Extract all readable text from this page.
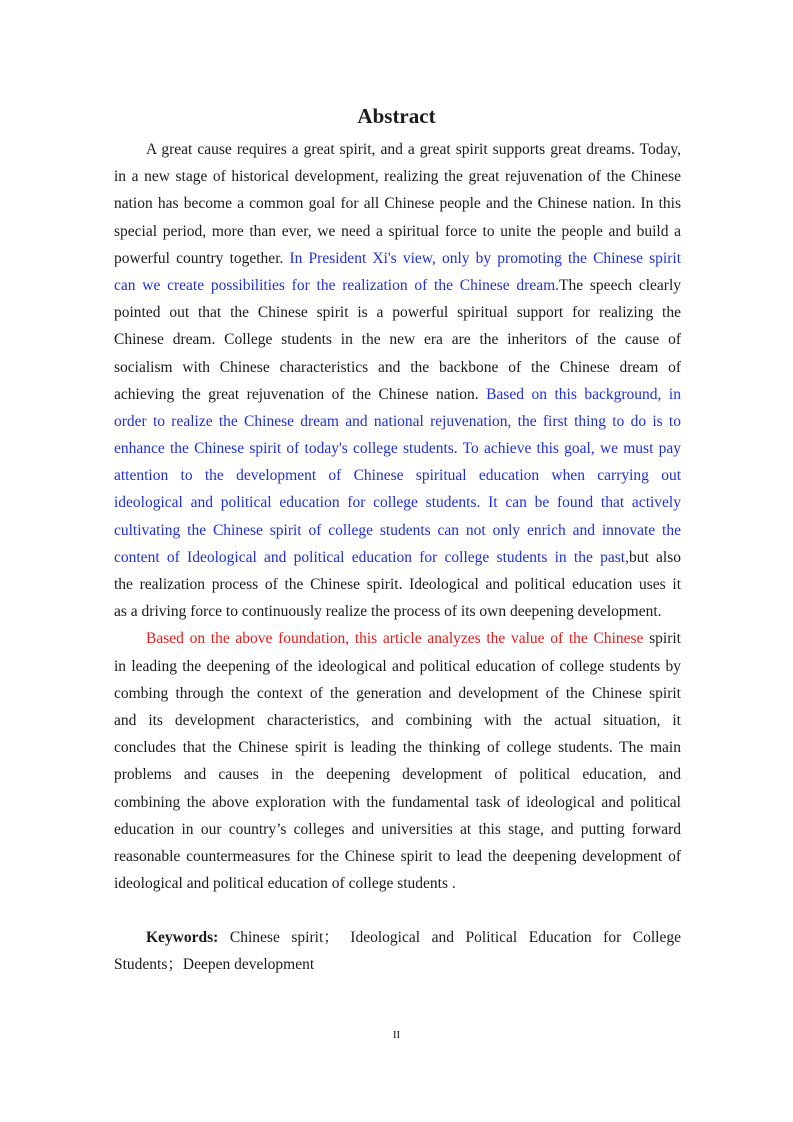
Abstract
A great cause requires a great spirit, and a great spirit supports great dreams. Today,
in a new stage of historical development, realizing the great rejuvenation of the Chinese
nation has become a common goal for all Chinese people and the Chinese nation. In this
special period, more than ever, we need a spiritual force to unite the people and build a
powerful country together. In President Xi's view, only by promoting the Chinese spirit
can we create possibilities for the realization of the Chinese dream.The speech clearly
pointed out that the Chinese spirit is a powerful spiritual support for realizing the
Chinese dream. College students in the new era are the inheritors of the cause of
socialism with Chinese characteristics and the backbone of the Chinese dream of
achieving the great rejuvenation of the Chinese nation. Based on this background, in
order to realize the Chinese dream and national rejuvenation, the first thing to do is to
enhance the Chinese spirit of today's college students. To achieve this goal, we must pay
attention to the development of Chinese spiritual education when carrying out
ideological and political education for college students. It can be found that actively
cultivating the Chinese spirit of college students can not only enrich and innovate the
content of Ideological and political education for college students in the past,but also
the realization process of the Chinese spirit. Ideological and political education uses it
as a driving force to continuously realize the process of its own deepening development.
Based on the above foundation, this article analyzes the value of the Chinese spirit
in leading the deepening of the ideological and political education of college students by
combing through the context of the generation and development of the Chinese spirit
and its development characteristics, and combining with the actual situation, it
concludes that the Chinese spirit is leading the thinking of college students. The main
problems and causes in the deepening development of political education, and
combining the above exploration with the fundamental task of ideological and political
education in our country’s colleges and universities at this stage, and putting forward
reasonable countermeasures for the Chinese spirit to lead the deepening development of
ideological and political education of college students .
Keywords: Chinese spirit； Ideological and Political Education for College
Students；Deepen development
II
